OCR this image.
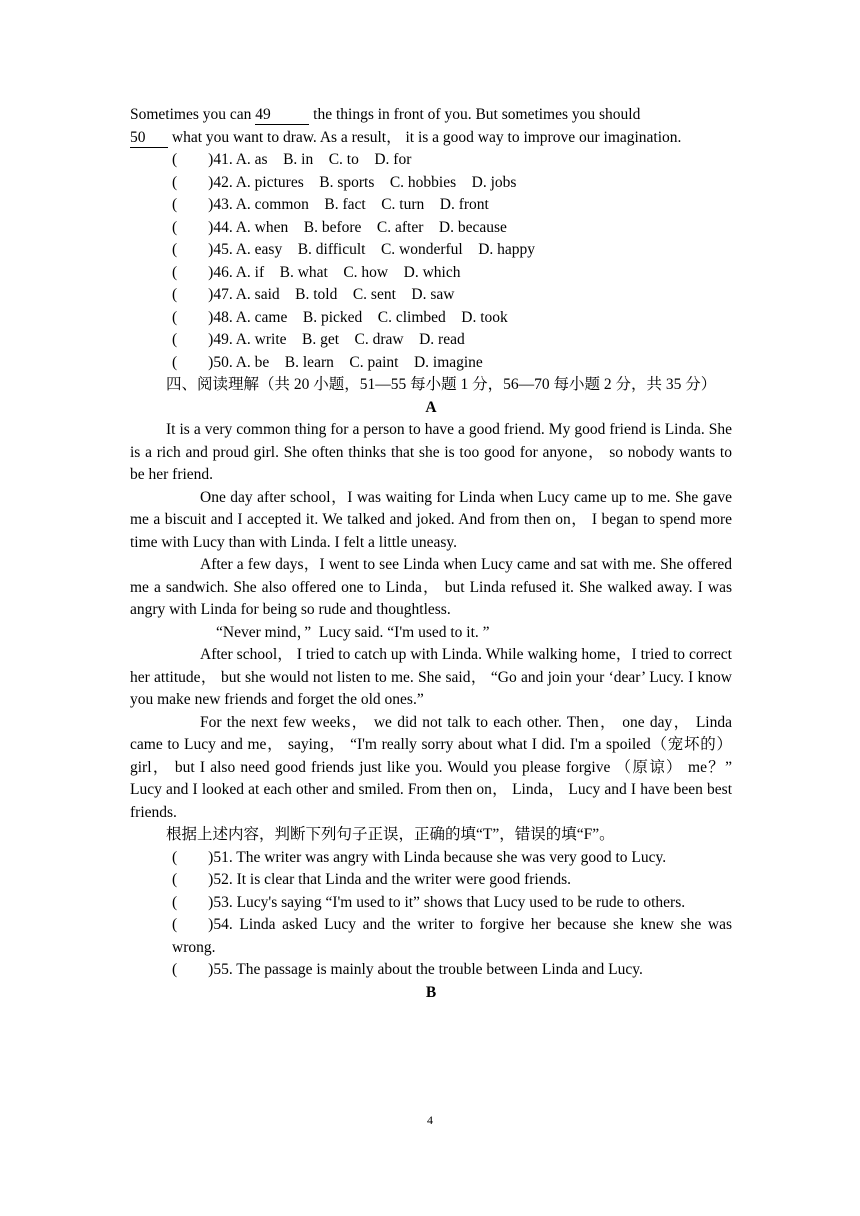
Sometimes you can 49 the things in front of you. But sometimes you should
50 what you want to draw. As a result， it is a good way to improve our imagination.

(  )41. A. as    B. in    C. to    D. for

(  )42. A. pictures    B. sports    C. hobbies    D. jobs

(  )43. A. common    B. fact    C. turn    D. front

(  )44. A. when    B. before    C. after    D. because

(  )45. A. easy    B. difficult    C. wonderful    D. happy

(  )46. A. if    B. what    C. how    D. which

(  )47. A. said    B. told    C. sent    D. saw

(  )48. A. came    B. picked    C. climbed    D. took

(  )49. A. write    B. get    C. draw    D. read

(  )50. A. be    B. learn    C. paint    D. imagine

四、阅读理解（共 20 小题，51—55 每小题 1 分，56—70 每小题 2 分，共 35 分）

A

It is a very common thing for a person to have a good friend. My good friend is Linda. She is a rich and proud girl. She often thinks that she is too good for anyone， so nobody wants to be her friend.

One day after school，I was waiting for Linda when Lucy came up to me. She gave me a biscuit and I accepted it. We talked and joked. And from then on， I began to spend more time with Lucy than with Linda. I felt a little uneasy.

After a few days，I went to see Linda when Lucy came and sat with me. She offered me a sandwich. She also offered one to Linda， but Linda refused it. She walked away. I was angry with Linda for being so rude and thoughtless.

“Never mind，”  Lucy said. “I'm used to it. ”

After school， I tried to catch up with Linda. While walking home，I tried to correct her attitude， but she would not listen to me. She said， “Go and join your ‘dear’ Lucy. I know you make new friends and forget the old ones.”

For the next few weeks， we did not talk to each other. Then， one day， Linda came to Lucy and me， saying， “I'm really sorry about what I did. I'm a spoiled（宠坏的）girl， but I also need good friends just like you. Would you please forgive （原谅） me？” Lucy and I looked at each other and smiled. From then on， Linda， Lucy and I have been best friends.

根据上述内容，判断下列句子正误，正确的填“T”，错误的填“F”。

(  )51. The writer was angry with Linda because she was very good to Lucy.

(  )52. It is clear that Linda and the writer were good friends.

(  )53. Lucy's saying “I'm used to it” shows that Lucy used to be rude to others.

(  )54. Linda asked Lucy and the writer to forgive her because she knew she was wrong.

(  )55. The passage is mainly about the trouble between Linda and Lucy.

B

4
